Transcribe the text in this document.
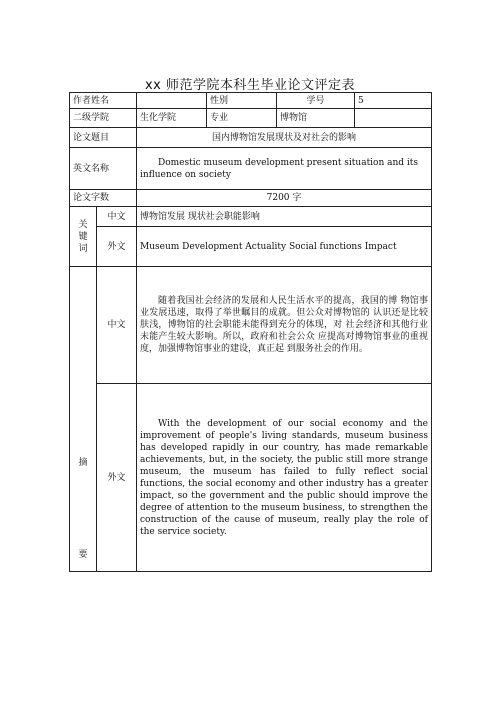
xx 师范学院本科生毕业论文评定表
作者姓名			性别	学号	5
二级学院		生化学院	专业	博物馆	
论文题目		国内博物馆发展现状及对社会的影响			
英文名称		Domestic museum development present situation and its influence on society			
论文字数		7200 字			

关
键
词	中文	博物馆发展 现状社会职能影响			
	外文	Museum Development Actuality Social functions Impact			

摘
要	中文	随着我国社会经济的发展和人民生活水平的提高，我国的博 物馆事业发展迅速，取得了举世瞩目的成就。但公众对博物馆的 认识还是比较肤浅，博物馆的社会职能未能得到充分的体现，对 社会经济和其他行业未能产生较大影响。所以，政府和社会公众 应提高对博物馆事业的重视度，加强博物馆事业的建设，真正起 到服务社会的作用。			
	外文	With the development of our social economy and the improvement of people's living standards, museum business has developed rapidly in our country, has made remarkable achievements, but, in the society, the public still more strange museum, the museum has failed to fully reflect social functions, the social economy and other industry has a greater impact, so the government and the public should improve the degree of attention to the museum business, to strengthen the construction of the cause of museum, really play the role of the service society.			
